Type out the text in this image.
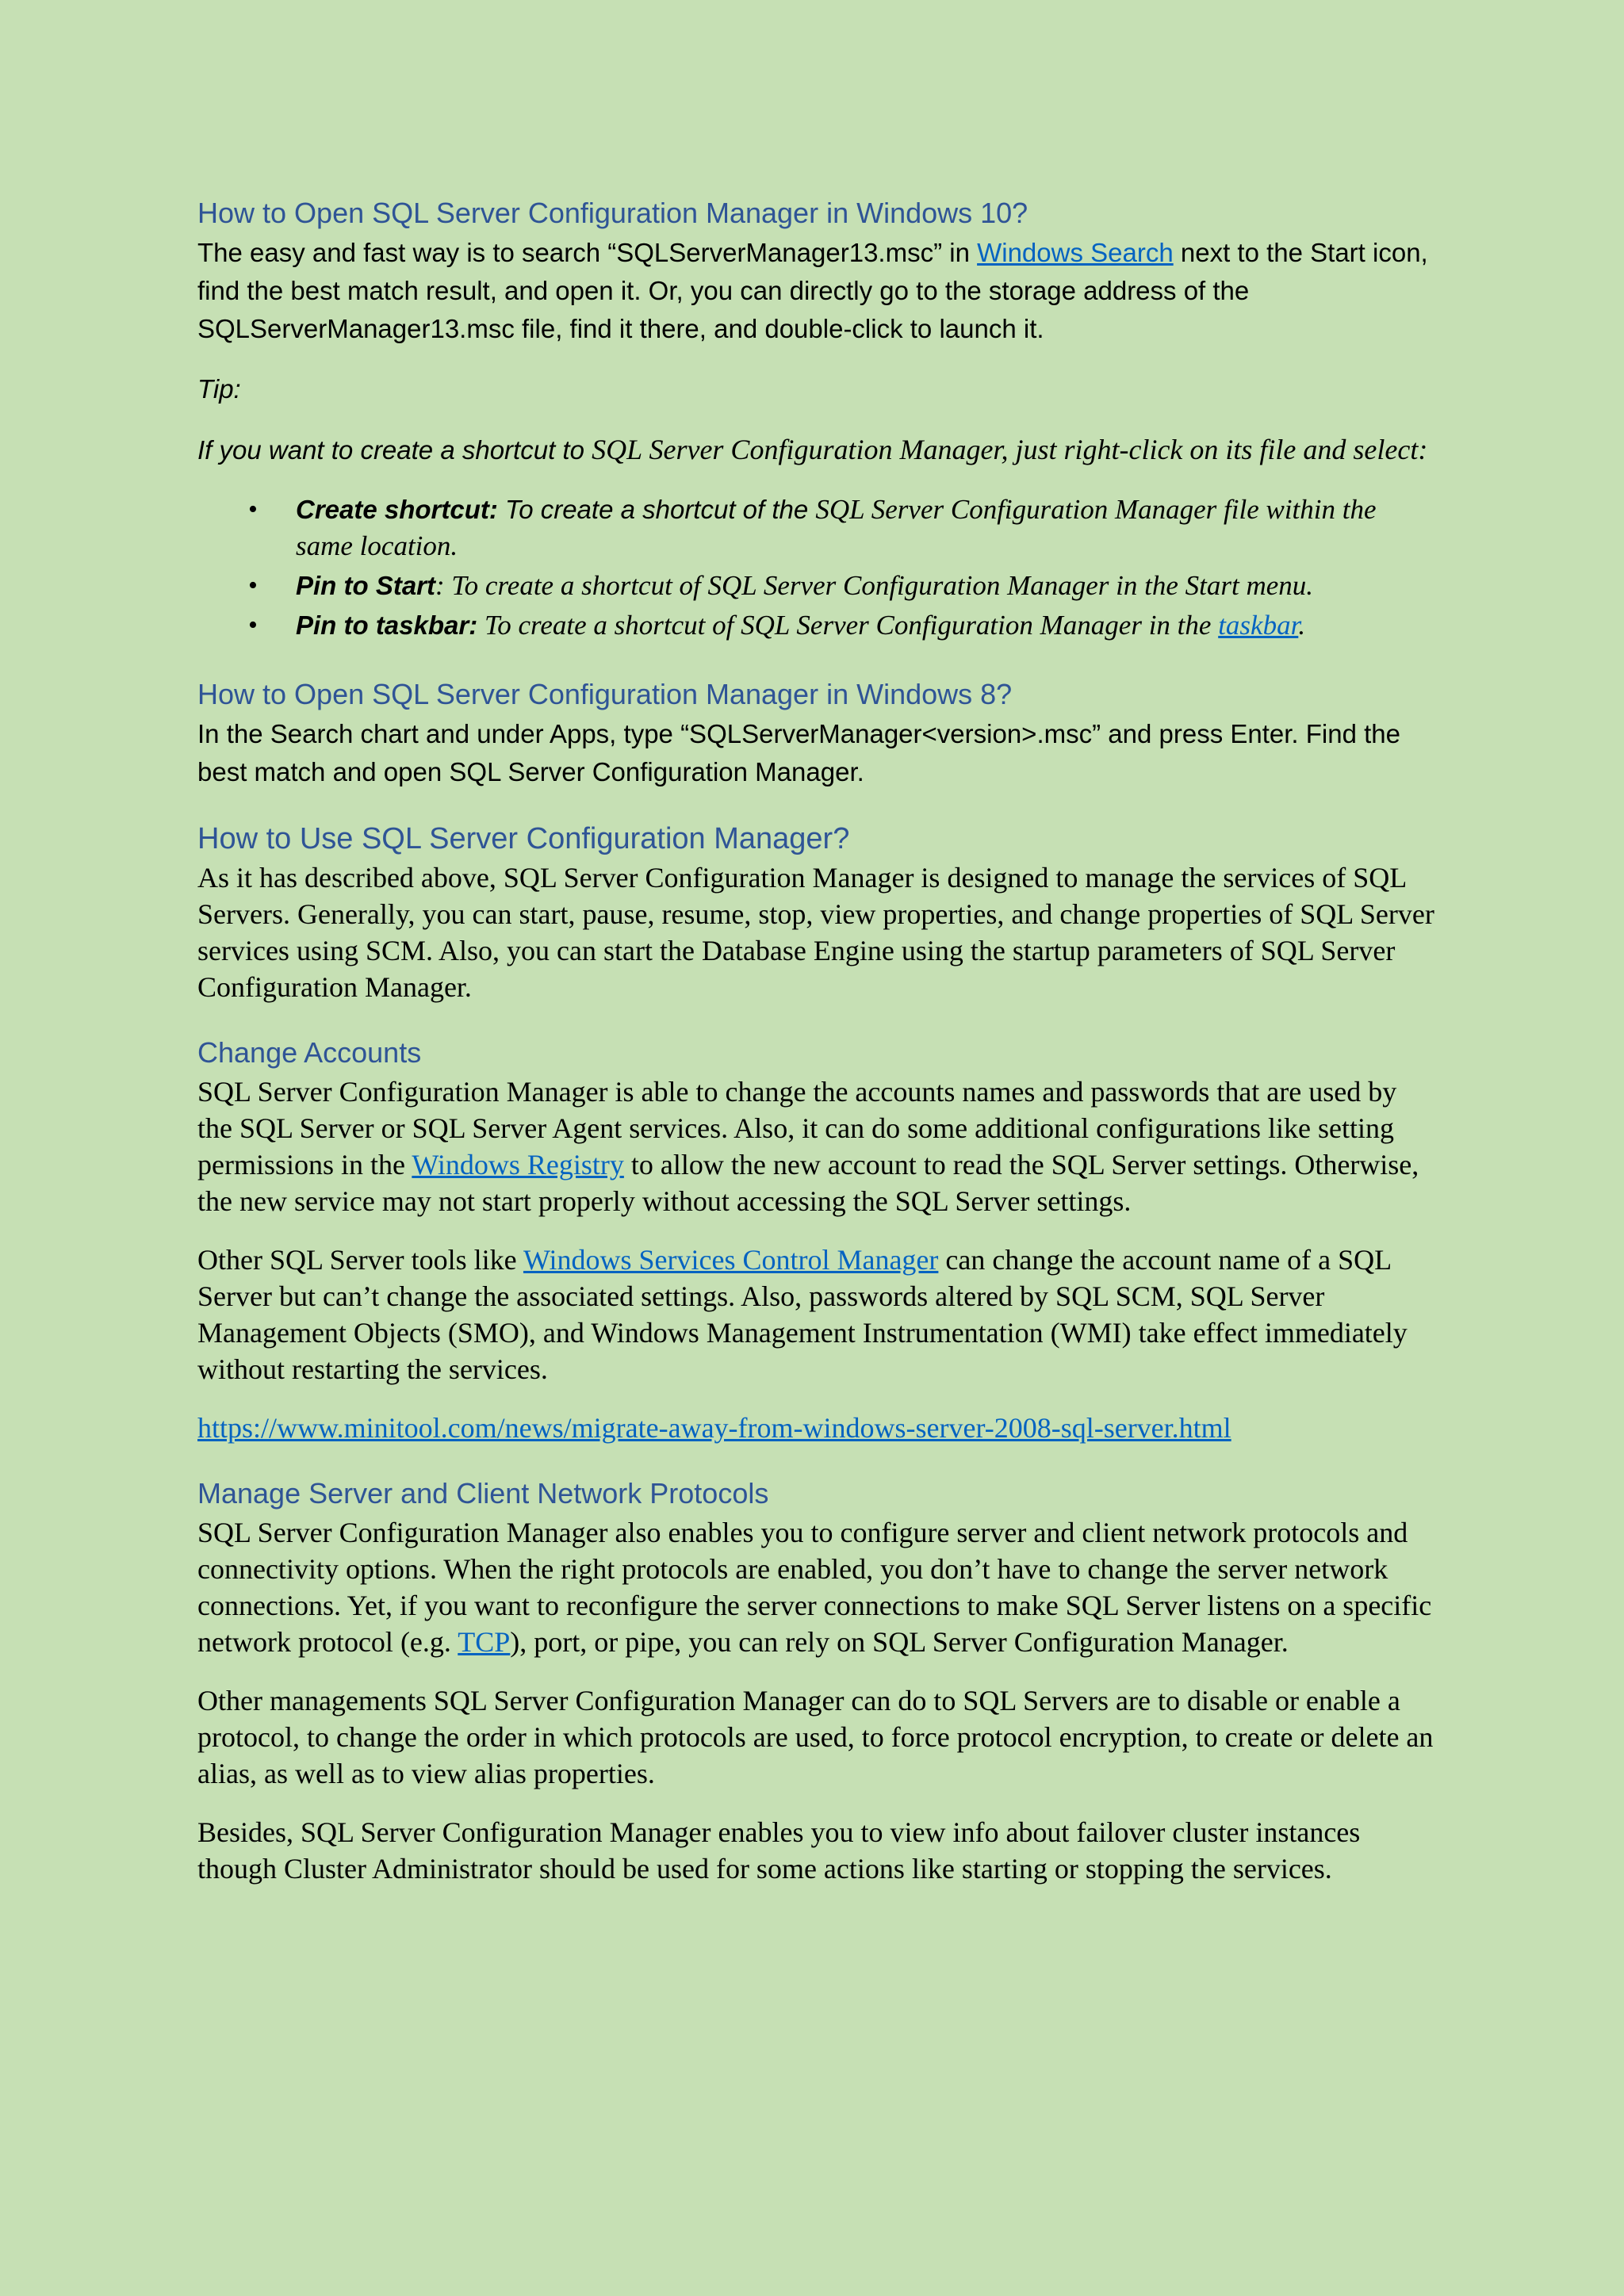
How to Open SQL Server Configuration Manager in Windows 10?

The easy and fast way is to search “SQLServerManager13.msc” in Windows Search next to the Start icon, find the best match result, and open it. Or, you can directly go to the storage address of the SQLServerManager13.msc file, find it there, and double-click to launch it.

Tip:

If you want to create a shortcut to SQL Server Configuration Manager, just right-click on its file and select:

• Create shortcut: To create a shortcut of the SQL Server Configuration Manager file within the same location.
• Pin to Start: To create a shortcut of SQL Server Configuration Manager in the Start menu.
• Pin to taskbar: To create a shortcut of SQL Server Configuration Manager in the taskbar.
How to Open SQL Server Configuration Manager in Windows 8?

In the Search chart and under Apps, type “SQLServerManager<version>.msc” and press Enter. Find the best match and open SQL Server Configuration Manager.

How to Use SQL Server Configuration Manager?

As it has described above, SQL Server Configuration Manager is designed to manage the services of SQL Servers. Generally, you can start, pause, resume, stop, view properties, and change properties of SQL Server services using SCM. Also, you can start the Database Engine using the startup parameters of SQL Server Configuration Manager.

Change Accounts

SQL Server Configuration Manager is able to change the accounts names and passwords that are used by the SQL Server or SQL Server Agent services. Also, it can do some additional configurations like setting permissions in the Windows Registry to allow the new account to read the SQL Server settings. Otherwise, the new service may not start properly without accessing the SQL Server settings.

Other SQL Server tools like Windows Services Control Manager can change the account name of a SQL Server but can’t change the associated settings. Also, passwords altered by SQL SCM, SQL Server Management Objects (SMO), and Windows Management Instrumentation (WMI) take effect immediately without restarting the services.

https://www.minitool.com/news/migrate-away-from-windows-server-2008-sql-server.html

Manage Server and Client Network Protocols

SQL Server Configuration Manager also enables you to configure server and client network protocols and connectivity options. When the right protocols are enabled, you don’t have to change the server network connections. Yet, if you want to reconfigure the server connections to make SQL Server listens on a specific network protocol (e.g. TCP), port, or pipe, you can rely on SQL Server Configuration Manager.

Other managements SQL Server Configuration Manager can do to SQL Servers are to disable or enable a protocol, to change the order in which protocols are used, to force protocol encryption, to create or delete an alias, as well as to view alias properties.

Besides, SQL Server Configuration Manager enables you to view info about failover cluster instances though Cluster Administrator should be used for some actions like starting or stopping the services.
